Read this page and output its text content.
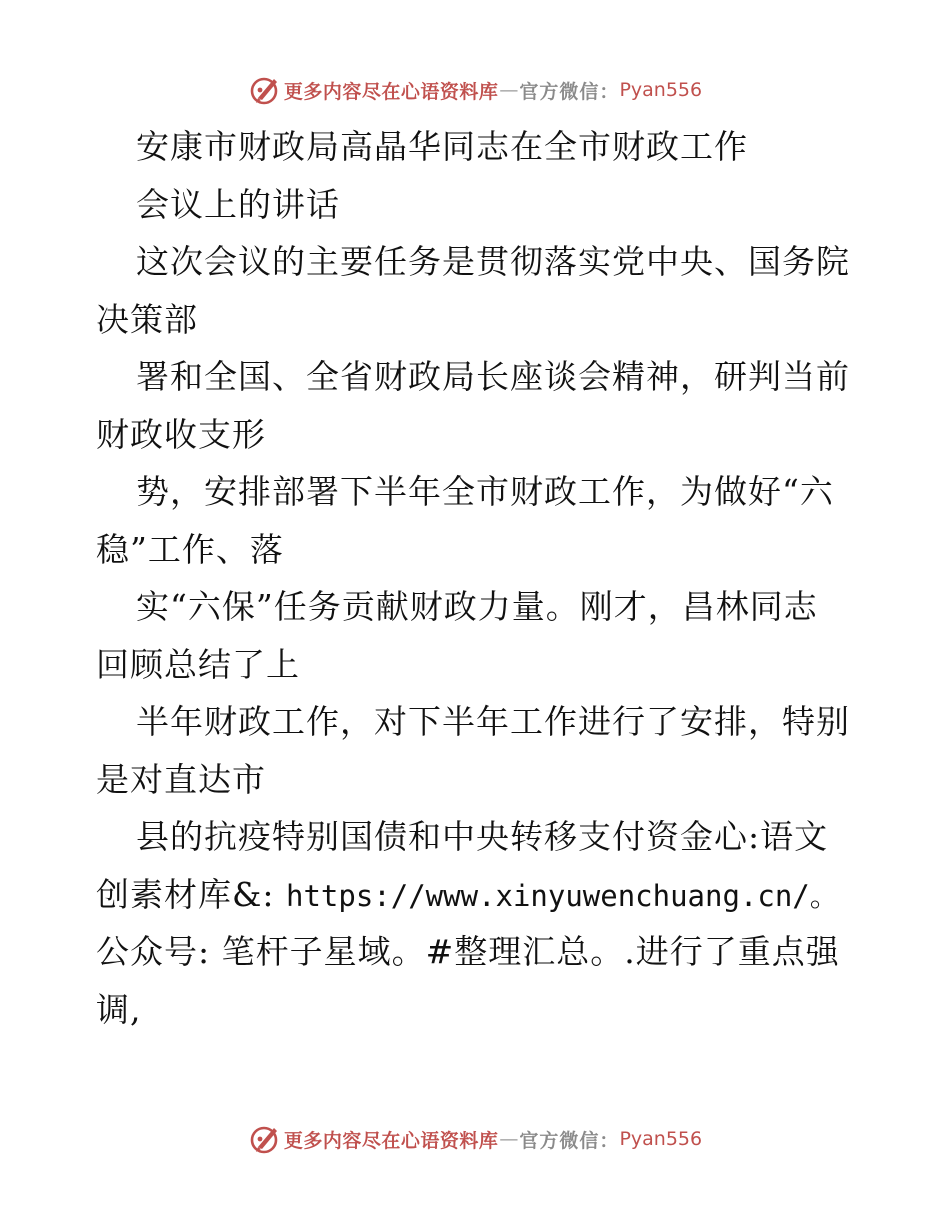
更多内容尽在心语资料库 — 官方微信： Pyan556
安康市财政局高晶华同志在全市财政工作
会议上的讲话
这次会议的主要任务是贯彻落实党中央、国务院
决策部
署和全国、全省财政局长座谈会精神，研判当前
财政收支形
势，安排部署下半年全市财政工作，为做好“六
稳”工作、落
实“六保”任务贡献财政力量。刚才，昌林同志
回顾总结了上
半年财政工作，对下半年工作进行了安排，特别
是对直达市
县的抗疫特别国债和中央转移支付资金心:语文
创素材库&: https://www.xinyuwenchuang.cn/。
公众号: 笔杆子星域。#整理汇总。.进行了重点强
调,
更多内容尽在心语资料库 — 官方微信： Pyan556
